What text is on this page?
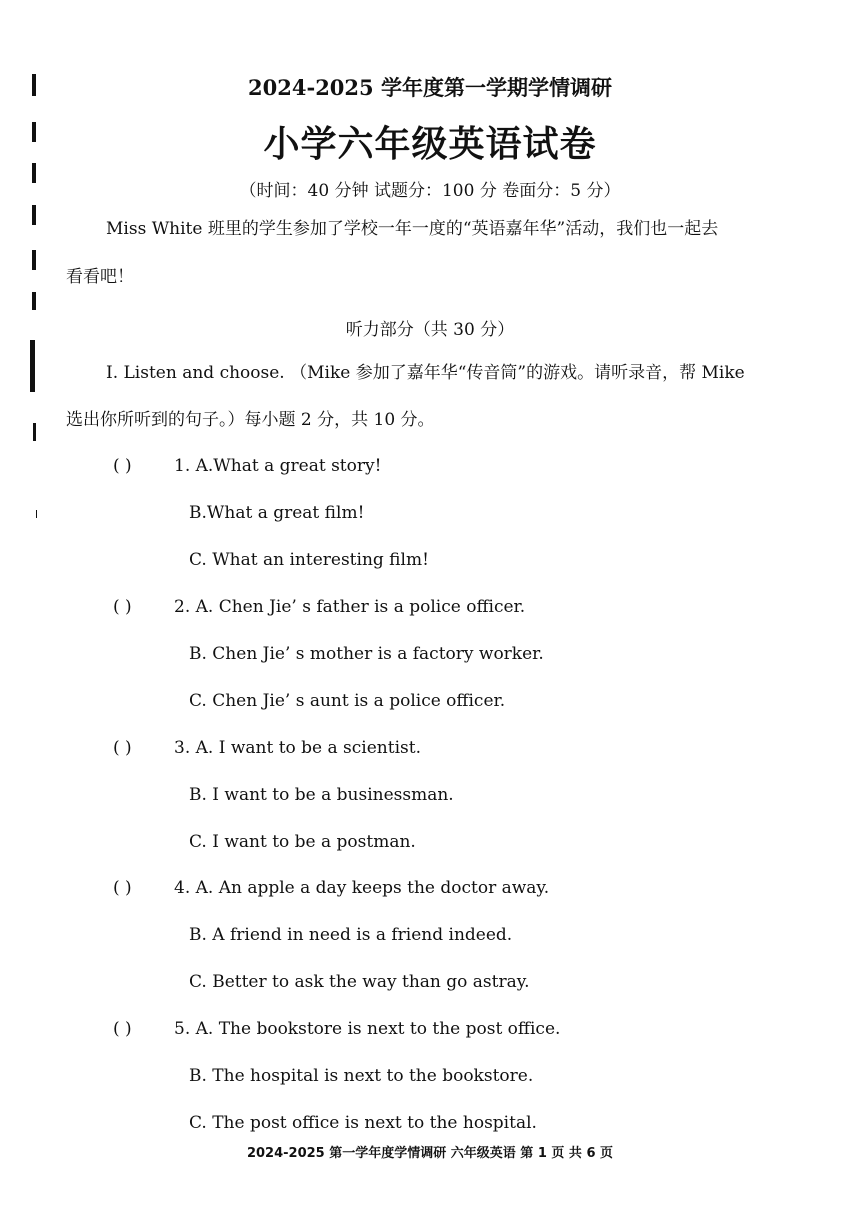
2024-2025 学年度第一学期学情调研
小学六年级英语试卷
（时间：40 分钟 试题分：100 分 卷面分：5 分）
Miss White 班里的学生参加了学校一年一度的“英语嘉年华”活动，我们也一起去
看看吧！
听力部分（共 30 分）
Ⅰ. Listen and choose. （Mike 参加了嘉年华“传音筒”的游戏。请听录音，帮 Mike
选出你所听到的句子。）每小题 2 分，共 10 分。
( ) 1. A.What a great story!
B.What a great film!
C. What an interesting film!
( ) 2. A. Chen Jie’ s father is a police officer.
B. Chen Jie’ s mother is a factory worker.
C. Chen Jie’ s aunt is a police officer.
( ) 3. A. I want to be a scientist.
B. I want to be a businessman.
C. I want to be a postman.
( ) 4. A. An apple a day keeps the doctor away.
B. A friend in need is a friend indeed.
C. Better to ask the way than go astray.
( ) 5. A. The bookstore is next to the post office.
B. The hospital is next to the bookstore.
C. The post office is next to the hospital.
2024-2025 第一学年度学情调研 六年级英语 第 1 页 共 6 页
